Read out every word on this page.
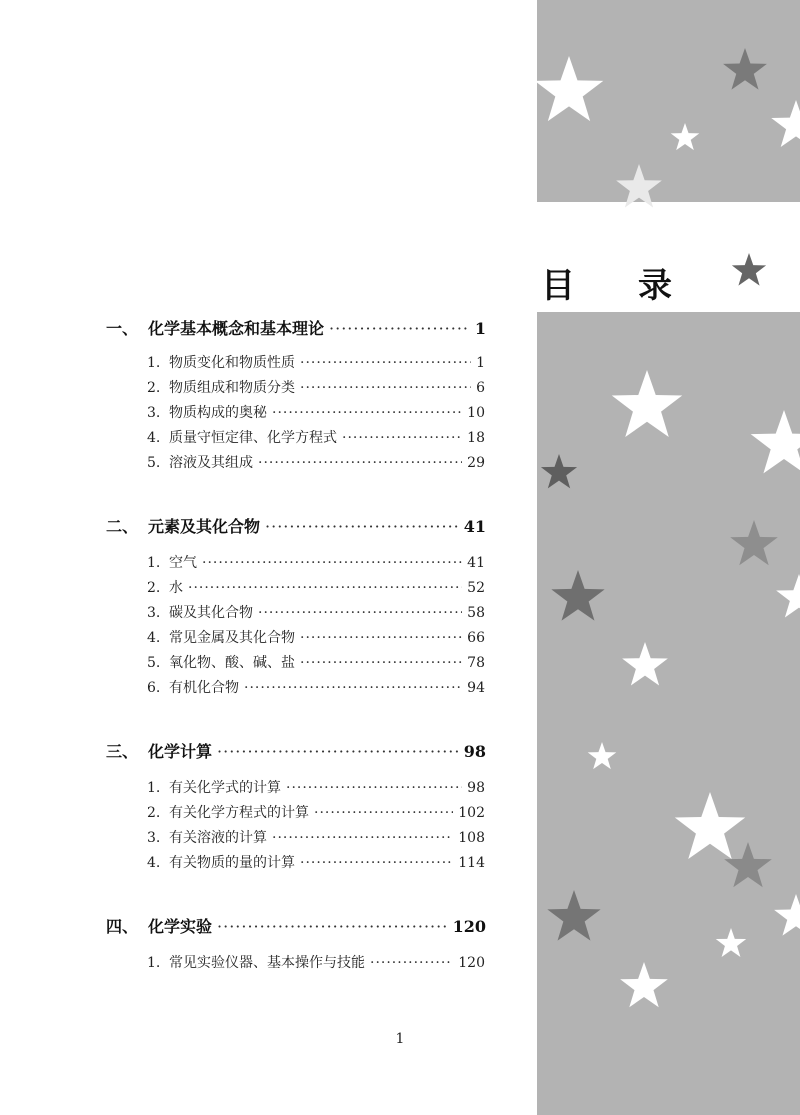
目 录
一、 化学基本概念和基本理论 ·····	1
1. 物质变化和物质性质 ·····	1
2. 物质组成和物质分类 ·····	6
3. 物质构成的奥秘 ·····	10
4. 质量守恒定律、化学方程式 ·····	18
5. 溶液及其组成 ·····	29
二、 元素及其化合物 ·····	41
1. 空气 ·····	41
2. 水 ·····	52
3. 碳及其化合物 ·····	58
4. 常见金属及其化合物 ·····	66
5. 氧化物、酸、碱、盐 ·····	78
6. 有机化合物 ·····	94
三、 化学计算 ·····	98
1. 有关化学式的计算 ·····	98
2. 有关化学方程式的计算 ·····	102
3. 有关溶液的计算 ·····	108
4. 有关物质的量的计算 ·····	114
四、 化学实验 ·····	120
1. 常见实验仪器、基本操作与技能 ·····	120
1
